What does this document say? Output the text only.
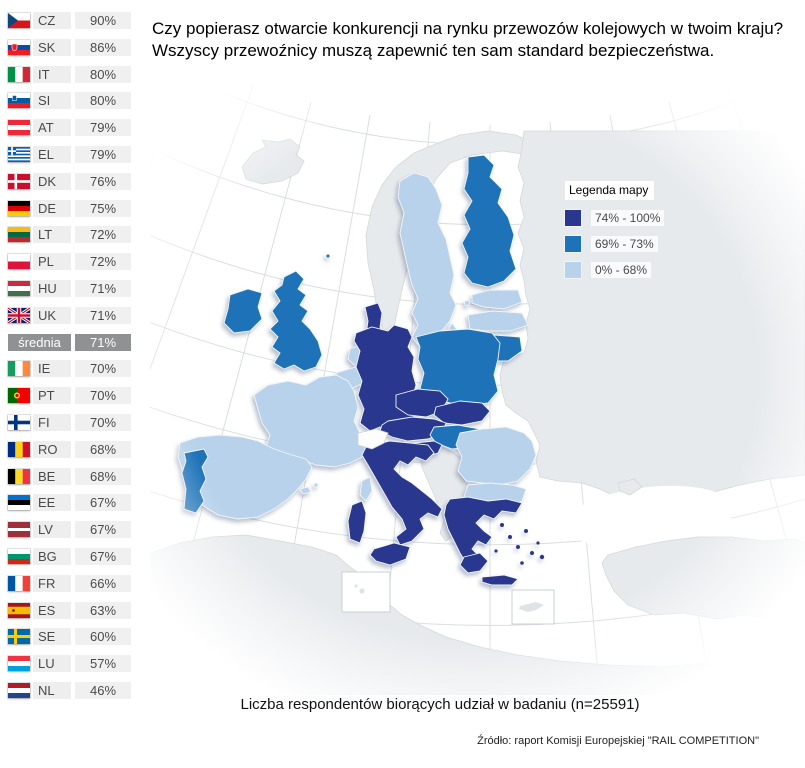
CZ	90%
SK	86%
IT	80%
SI	80%
AT	79%
EL	79%
DK	76%
DE	75%
LT	72%
PL	72%
HU	71%
UK	71%
średnia	71%
IE	70%
PT	70%
FI	70%
RO	68%
BE	68%
EE	67%
LV	67%
BG	67%
FR	66%
ES	63%
SE	60%
LU	57%
NL	46%
Czy popierasz otwarcie konkurencji na rynku przewozów kolejowych w twoim kraju?
Wszyscy przewoźnicy muszą zapewnić ten sam standard bezpieczeństwa.
Legenda mapy
74% - 100%
69% - 73%
0% - 68%
Liczba respondentów biorących udział w badaniu (n=25591)
Źródło: raport Komisji Europejskiej "RAIL COMPETITION"
